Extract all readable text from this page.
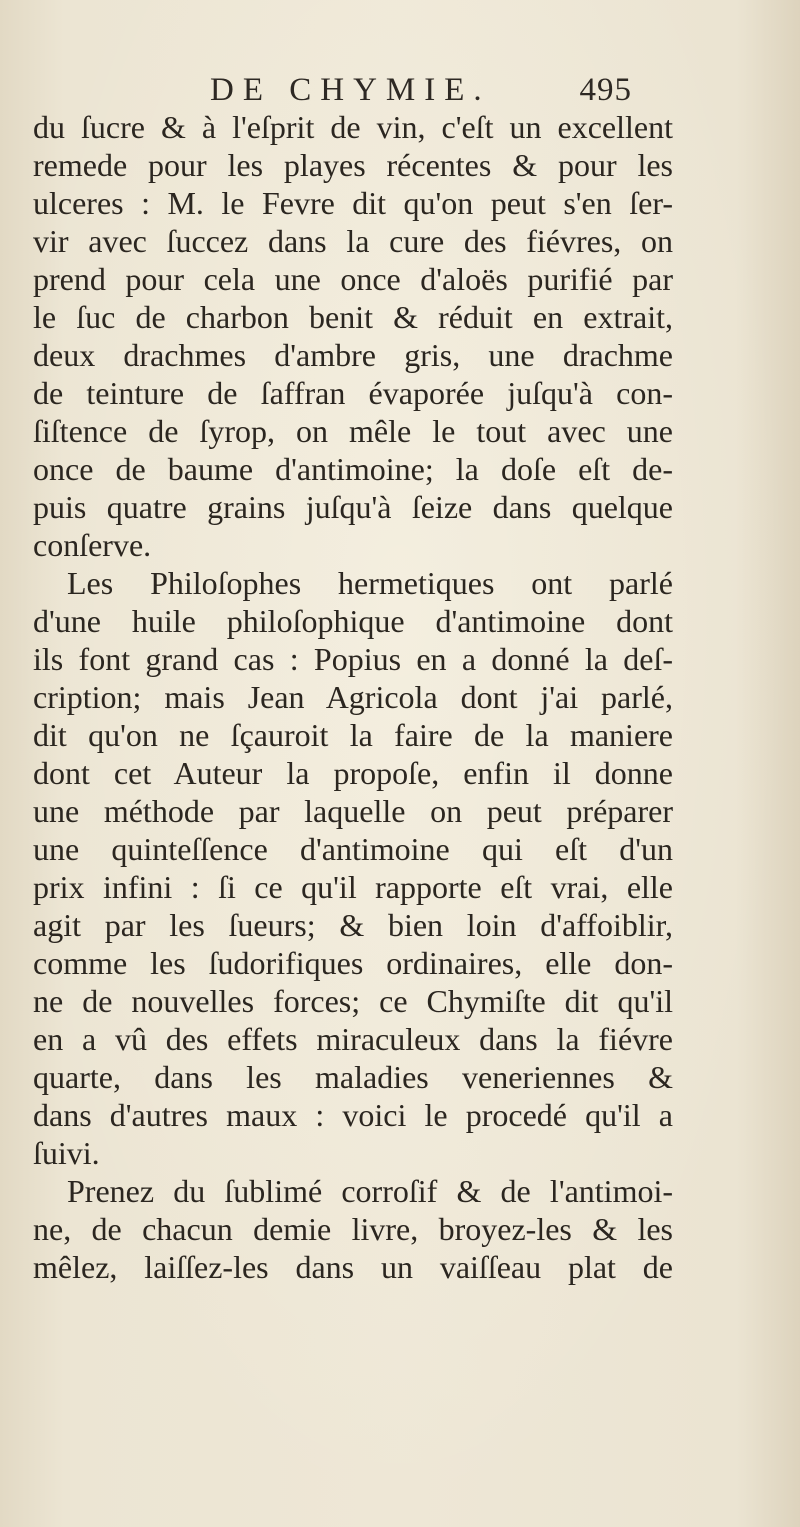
DE CHYMIE.	495
du ſucre & à l'eſprit de vin, c'eſt un excellent
remede pour les playes récentes & pour les
ulceres : M. le Fevre dit qu'on peut s'en ſer-
vir avec ſuccez dans la cure des fiévres, on
prend pour cela une once d'aloës purifié par
le ſuc de charbon benit & réduit en extrait,
deux drachmes d'ambre gris, une drachme
de teinture de ſaffran évaporée juſqu'à con-
ſiſtence de ſyrop, on mêle le tout avec une
once de baume d'antimoine; la doſe eſt de-
puis quatre grains juſqu'à ſeize dans quelque
conſerve.
Les Philoſophes hermetiques ont parlé
d'une huile philoſophique d'antimoine dont
ils font grand cas : Popius en a donné la deſ-
cription; mais Jean Agricola dont j'ai parlé,
dit qu'on ne ſçauroit la faire de la maniere
dont cet Auteur la propoſe, enfin il donne
une méthode par laquelle on peut préparer
une quinteſſence d'antimoine qui eſt d'un
prix infini : ſi ce qu'il rapporte eſt vrai, elle
agit par les ſueurs; & bien loin d'affoiblir,
comme les ſudorifiques ordinaires, elle don-
ne de nouvelles forces; ce Chymiſte dit qu'il
en a vû des effets miraculeux dans la fiévre
quarte, dans les maladies veneriennes &
dans d'autres maux : voici le procedé qu'il a
ſuivi.
Prenez du ſublimé corroſif & de l'antimoi-
ne, de chacun demie livre, broyez-les & les
mêlez, laiſſez-les dans un vaiſſeau plat de
